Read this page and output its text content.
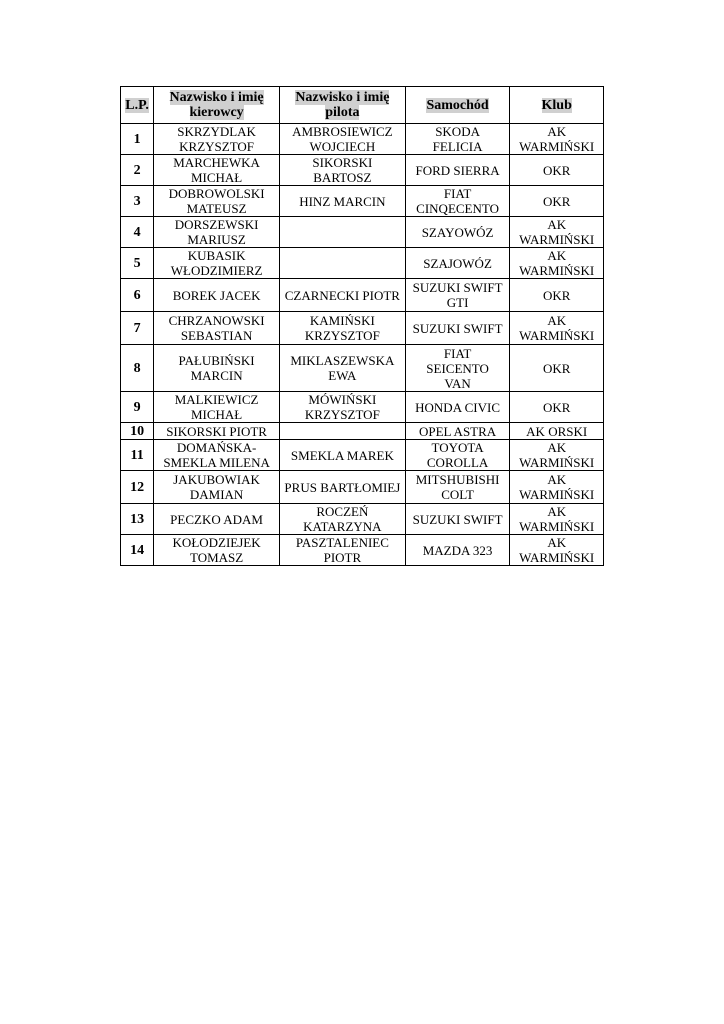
L.P.	Nazwisko i imię kierowcy	Nazwisko i imię pilota	Samochód	Klub
1	SKRZYDLAK
KRZYSZTOF	AMBROSIEWICZ
WOJCIECH	SKODA
FELICIA	AK
WARMIŃSKI
2	MARCHEWKA
MICHAŁ	SIKORSKI
BARTOSZ	FORD SIERRA	OKR
3	DOBROWOLSKI
MATEUSZ	HINZ MARCIN	FIAT
CINQECENTO	OKR
4	DORSZEWSKI
MARIUSZ		SZAYOWÓZ	AK
WARMIŃSKI
5	KUBASIK
WŁODZIMIERZ		SZAJOWÓZ	AK
WARMIŃSKI
6	BOREK JACEK	CZARNECKI PIOTR	SUZUKI SWIFT
GTI	OKR
7	CHRZANOWSKI
SEBASTIAN	KAMIŃSKI
KRZYSZTOF	SUZUKI SWIFT	AK
WARMIŃSKI
8	PAŁUBIŃSKI
MARCIN	MIKLASZEWSKA
EWA	FIAT
SEICENTO
VAN	OKR
9	MALKIEWICZ
MICHAŁ	MÓWIŃSKI
KRZYSZTOF	HONDA CIVIC	OKR
10	SIKORSKI PIOTR		OPEL ASTRA	AK ORSKI
11	DOMAŃSKA-
SMEKLA MILENA	SMEKLA MAREK	TOYOTA
COROLLA	AK
WARMIŃSKI
12	JAKUBOWIAK
DAMIAN	PRUS BARTŁOMIEJ	MITSHUBISHI
COLT	AK
WARMIŃSKI
13	PECZKO ADAM	ROCZEŃ
KATARZYNA	SUZUKI SWIFT	AK
WARMIŃSKI
14	KOŁODZIEJEK
TOMASZ	PASZTALENIEC
PIOTR	MAZDA 323	AK
WARMIŃSKI
